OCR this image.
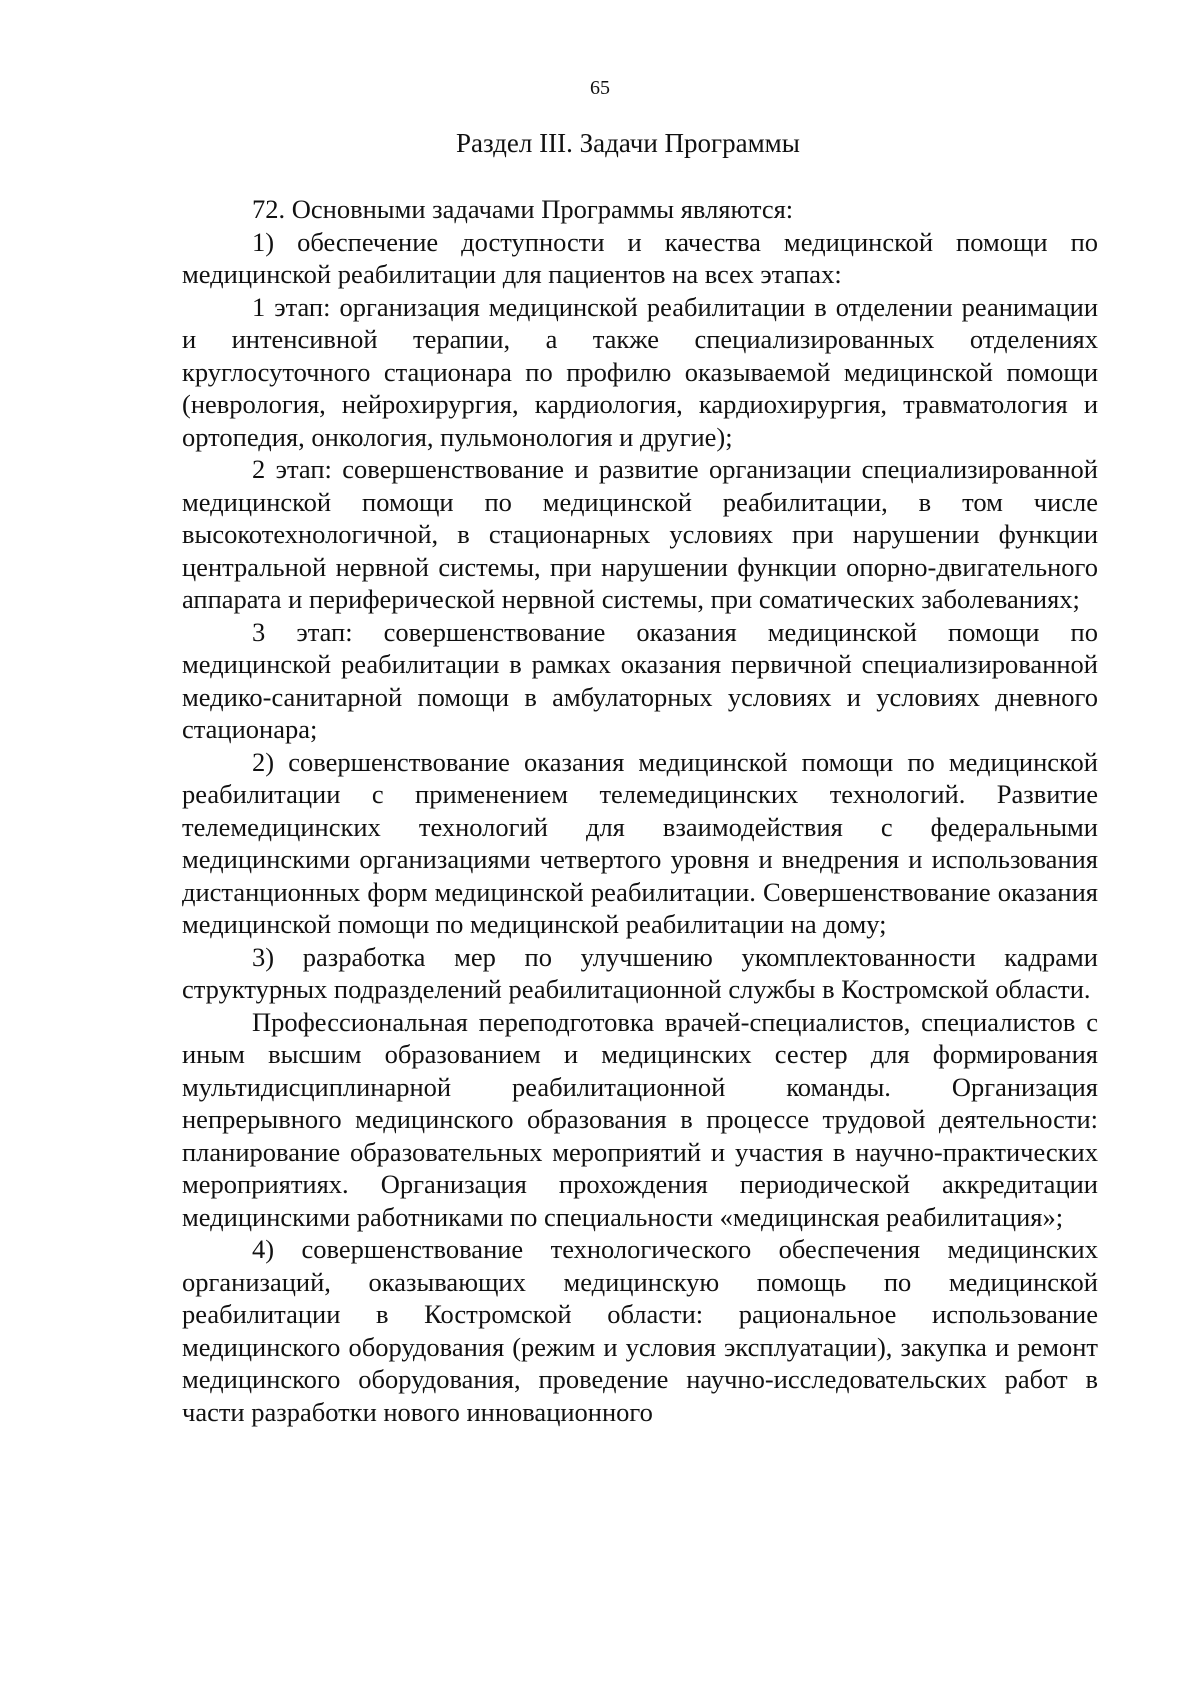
65
Раздел III. Задачи Программы

72. Основными задачами Программы являются:

1) обеспечение доступности и качества медицинской помощи по медицинской реабилитации для пациентов на всех этапах:

1 этап: организация медицинской реабилитации в отделении реанимации и интенсивной терапии, а также специализированных отделениях круглосуточного стационара по профилю оказываемой медицинской помощи (неврология, нейрохирургия, кардиология, кардиохирургия, травматология и ортопедия, онкология, пульмонология и другие);

2 этап: совершенствование и развитие организации специализированной медицинской помощи по медицинской реабилитации, в том числе высокотехнологичной, в стационарных условиях при нарушении функции центральной нервной системы, при нарушении функции опорно-двигательного аппарата и периферической нервной системы, при соматических заболеваниях;

3 этап: совершенствование оказания медицинской помощи по медицинской реабилитации в рамках оказания первичной специализированной медико-санитарной помощи в амбулаторных условиях и условиях дневного стационара;

2) совершенствование оказания медицинской помощи по медицинской реабилитации с применением телемедицинских технологий. Развитие телемедицинских технологий для взаимодействия с федеральными медицинскими организациями четвертого уровня и внедрения и использования дистанционных форм медицинской реабилитации. Совершенствование оказания медицинской помощи по медицинской реабилитации на дому;

3) разработка мер по улучшению укомплектованности кадрами структурных подразделений реабилитационной службы в Костромской области.

Профессиональная переподготовка врачей-специалистов, специалистов с иным высшим образованием и медицинских сестер для формирования мультидисциплинарной реабилитационной команды. Организация непрерывного медицинского образования в процессе трудовой деятельности: планирование образовательных мероприятий и участия в научно-практических мероприятиях. Организация прохождения периодической аккредитации медицинскими работниками по специальности «медицинская реабилитация»;

4) совершенствование технологического обеспечения медицинских организаций, оказывающих медицинскую помощь по медицинской реабилитации в Костромской области: рациональное использование медицинского оборудования (режим и условия эксплуатации), закупка и ремонт медицинского оборудования, проведение научно-исследовательских работ в части разработки нового инновационного
